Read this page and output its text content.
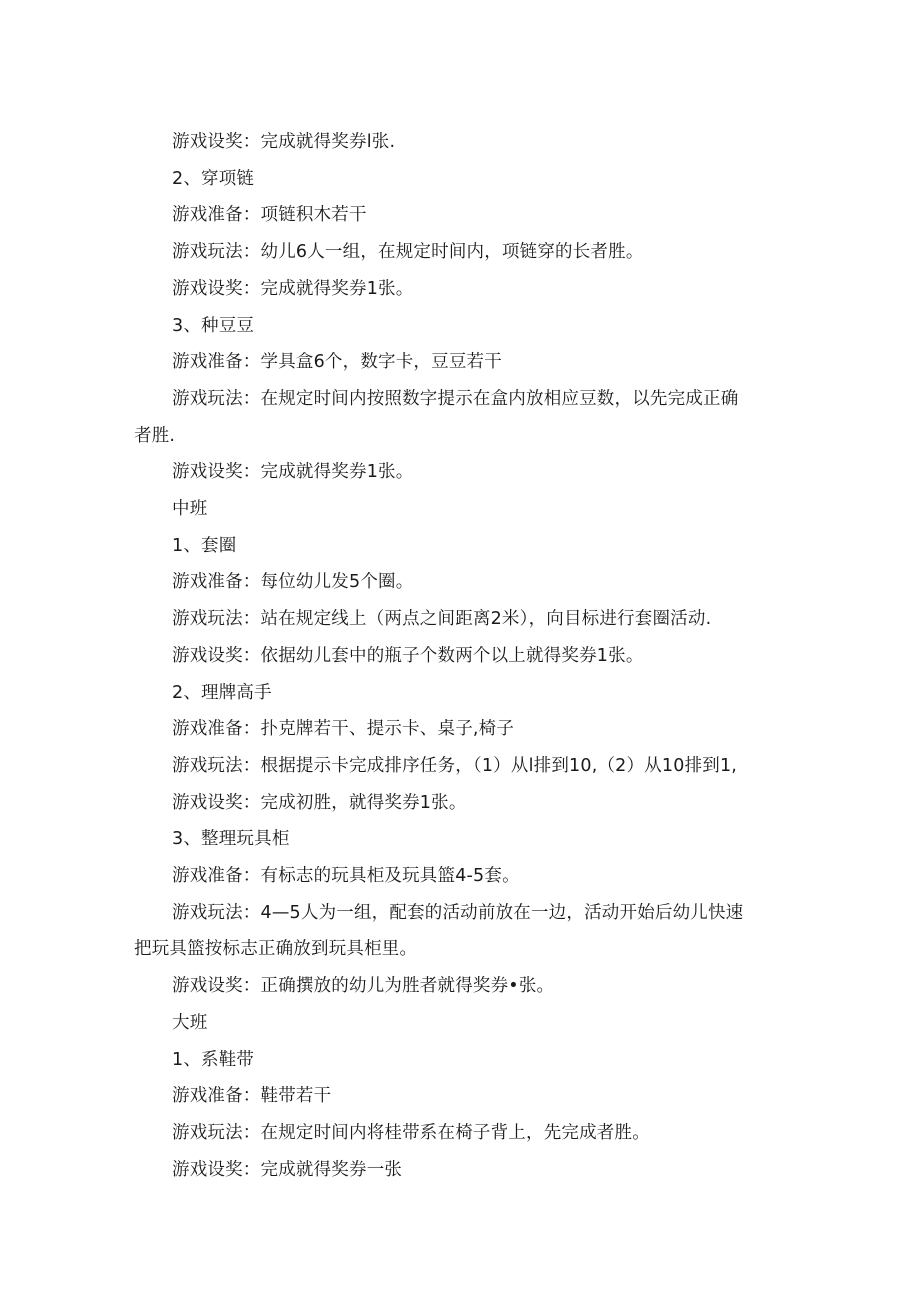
游戏设奖：完成就得奖券l张.
2、穿项链
游戏准备：项链积木若干
游戏玩法：幼儿6人一组，在规定时间内，项链穿的长者胜。
游戏设奖：完成就得奖券1张。
3、种豆豆
游戏准备：学具盒6个，数字卡，豆豆若干
游戏玩法：在规定时间内按照数字提示在盒内放相应豆数，以先完成正确
者胜.
游戏设奖：完成就得奖券1张。
中班
1、套圈
游戏准备：每位幼儿发5个圈。
游戏玩法：站在规定线上（两点之间距离2米），向目标进行套圈活动.
游戏设奖：依据幼儿套中的瓶子个数两个以上就得奖券1张。
2、理牌高手
游戏准备：扑克牌若干、提示卡、桌子,椅子
游戏玩法：根据提示卡完成排序任务，（1）从l排到10,（2）从10排到1,
游戏设奖：完成初胜，就得奖券1张。
3、整理玩具柜
游戏准备：有标志的玩具柜及玩具篮4-5套。
游戏玩法：4—5人为一组，配套的活动前放在一边，活动开始后幼儿快速
把玩具篮按标志正确放到玩具柜里。
游戏设奖：正确撰放的幼儿为胜者就得奖券•张。
大班
1、系鞋带
游戏准备：鞋带若干
游戏玩法：在规定时间内将桂带系在椅子背上，先完成者胜。
游戏设奖：完成就得奖券一张
